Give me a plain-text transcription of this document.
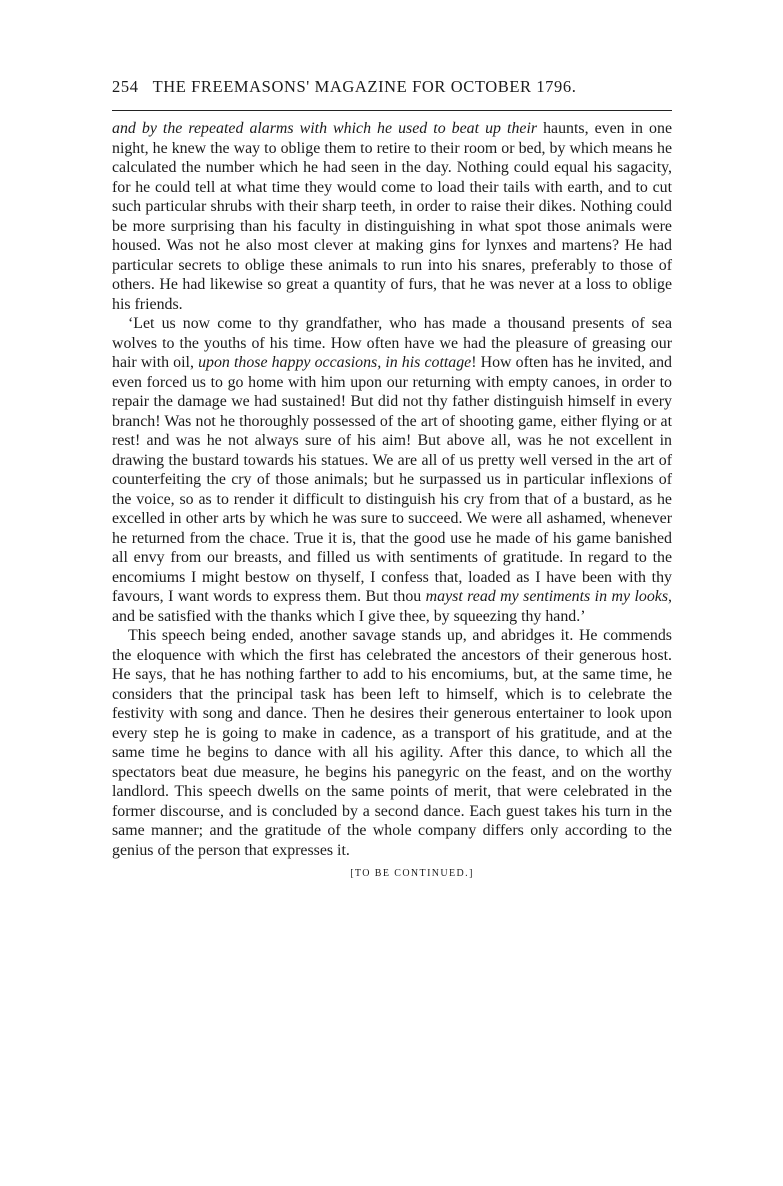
254 THE FREEMASONS' MAGAZINE FOR OCTOBER 1796.

and by the repeated alarms with which he used to beat up their haunts, even in one night, he knew the way to oblige them to retire to their room or bed, by which means he calculated the number which he had seen in the day. Nothing could equal his sagacity, for he could tell at what time they would come to load their tails with earth, and to cut such particular shrubs with their sharp teeth, in order to raise their dikes. Nothing could be more surprising than his faculty in distinguishing in what spot those animals were housed. Was not he also most clever at making gins for lynxes and martens? He had particular secrets to oblige these animals to run into his snares, preferably to those of others. He had likewise so great a quantity of furs, that he was never at a loss to oblige his friends.

‘Let us now come to thy grandfather, who has made a thousand presents of sea wolves to the youths of his time. How often have we had the pleasure of greasing our hair with oil, upon those happy occasions, in his cottage! How often has he invited, and even forced us to go home with him upon our returning with empty canoes, in order to repair the damage we had sustained! But did not thy father distinguish himself in every branch! Was not he thoroughly possessed of the art of shooting game, either flying or at rest! and was he not always sure of his aim! But above all, was he not excellent in drawing the bustard towards his statues. We are all of us pretty well versed in the art of counterfeiting the cry of those animals; but he surpassed us in particular inflexions of the voice, so as to render it difficult to distinguish his cry from that of a bustard, as he excelled in other arts by which he was sure to succeed. We were all ashamed, whenever he returned from the chace. True it is, that the good use he made of his game banished all envy from our breasts, and filled us with sentiments of gratitude. In regard to the encomiums I might bestow on thyself, I confess that, loaded as I have been with thy favours, I want words to express them. But thou mayst read my sentiments in my looks, and be satisfied with the thanks which I give thee, by squeezing thy hand.’

This speech being ended, another savage stands up, and abridges it. He commends the eloquence with which the first has celebrated the ancestors of their generous host. He says, that he has nothing farther to add to his encomiums, but, at the same time, he considers that the principal task has been left to himself, which is to celebrate the festivity with song and dance. Then he desires their generous entertainer to look upon every step he is going to make in cadence, as a transport of his gratitude, and at the same time he begins to dance with all his agility. After this dance, to which all the spectators beat due measure, he begins his panegyric on the feast, and on the worthy landlord. This speech dwells on the same points of merit, that were celebrated in the former discourse, and is concluded by a second dance. Each guest takes his turn in the same manner; and the gratitude of the whole company differs only according to the genius of the person that expresses it.

[TO BE CONTINUED.]
